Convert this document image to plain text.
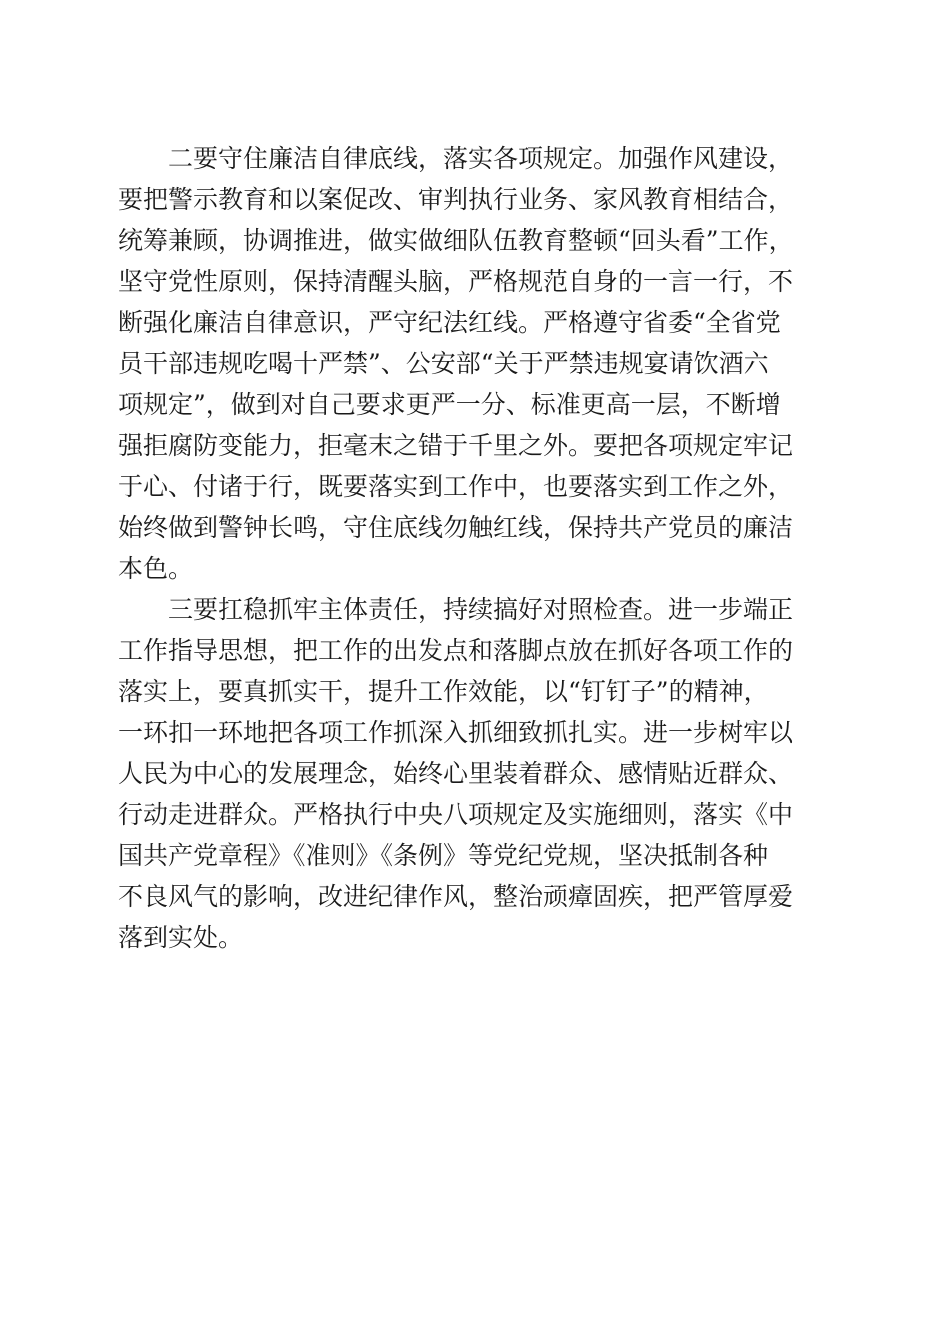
二要守住廉洁自律底线，落实各项规定。加强作风建设，
要把警示教育和以案促改、审判执行业务、家风教育相结合，
统筹兼顾，协调推进，做实做细队伍教育整顿“回头看”工作，
坚守党性原则，保持清醒头脑，严格规范自身的一言一行，不
断强化廉洁自律意识，严守纪法红线。严格遵守省委“全省党
员干部违规吃喝十严禁”、公安部“关于严禁违规宴请饮酒六
项规定”，做到对自己要求更严一分、标准更高一层，不断增
强拒腐防变能力，拒毫末之错于千里之外。要把各项规定牢记
于心、付诸于行，既要落实到工作中，也要落实到工作之外，
始终做到警钟长鸣，守住底线勿触红线，保持共产党员的廉洁
本色。
三要扛稳抓牢主体责任，持续搞好对照检查。进一步端正
工作指导思想，把工作的出发点和落脚点放在抓好各项工作的
落实上，要真抓实干，提升工作效能，以“钉钉子”的精神，
一环扣一环地把各项工作抓深入抓细致抓扎实。进一步树牢以
人民为中心的发展理念，始终心里装着群众、感情贴近群众、
行动走进群众。严格执行中央八项规定及实施细则，落实《中
国共产党章程》《准则》《条例》等党纪党规，坚决抵制各种
不良风气的影响，改进纪律作风，整治顽瘴固疾，把严管厚爱
落到实处。
